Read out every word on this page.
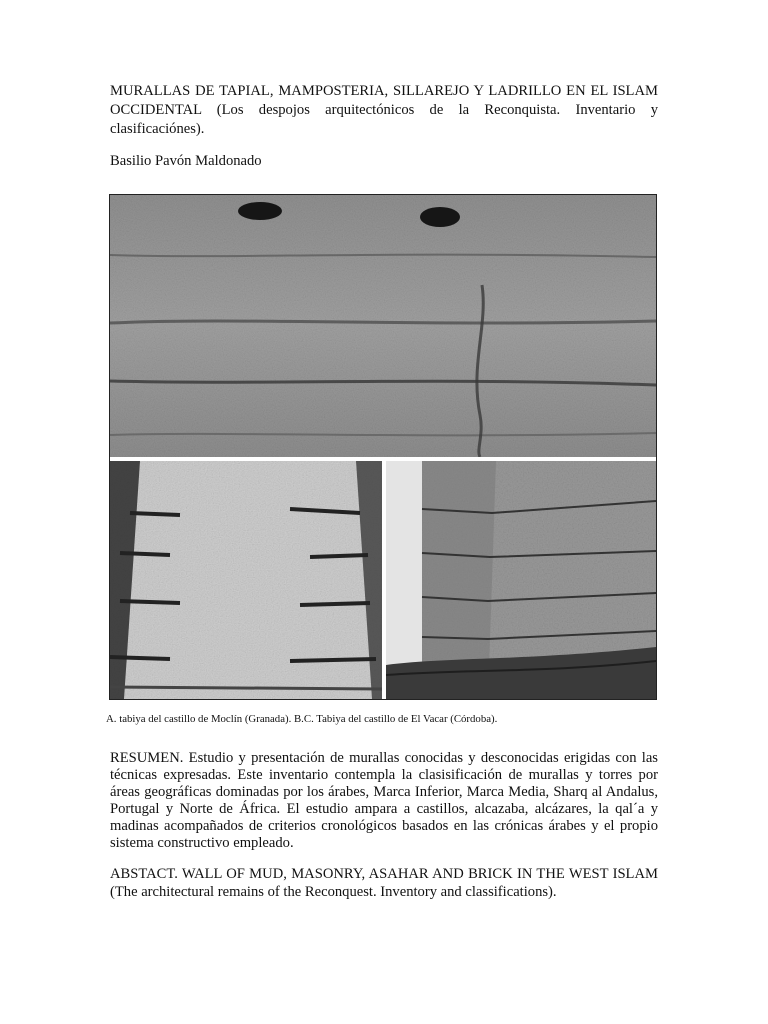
MURALLAS DE TAPIAL, MAMPOSTERIA, SILLAREJO Y LADRILLO EN EL ISLAM OCCIDENTAL (Los despojos arquitectónicos de la Reconquista. Inventario y clasificaciónes).

Basilio Pavón Maldonado

A. tabiya del castillo de Moclín (Granada). B.C. Tabiya del castillo de El Vacar (Córdoba).

RESUMEN. Estudio y presentación de murallas conocidas y desconocidas erigidas con las técnicas expresadas. Este inventario contempla la clasisificación de murallas y torres por áreas geográficas dominadas por los árabes, Marca Inferior, Marca Media, Sharq al Andalus, Portugal y Norte de África. El estudio ampara a castillos, alcazaba, alcázares, la qal´a y madinas acompañados de criterios cronológicos basados en las crónicas árabes y el propio sistema constructivo empleado.

ABSTACT. WALL OF MUD, MASONRY, ASAHAR AND BRICK IN THE WEST ISLAM (The architectural remains of the Reconquest. Inventory and classifications).
